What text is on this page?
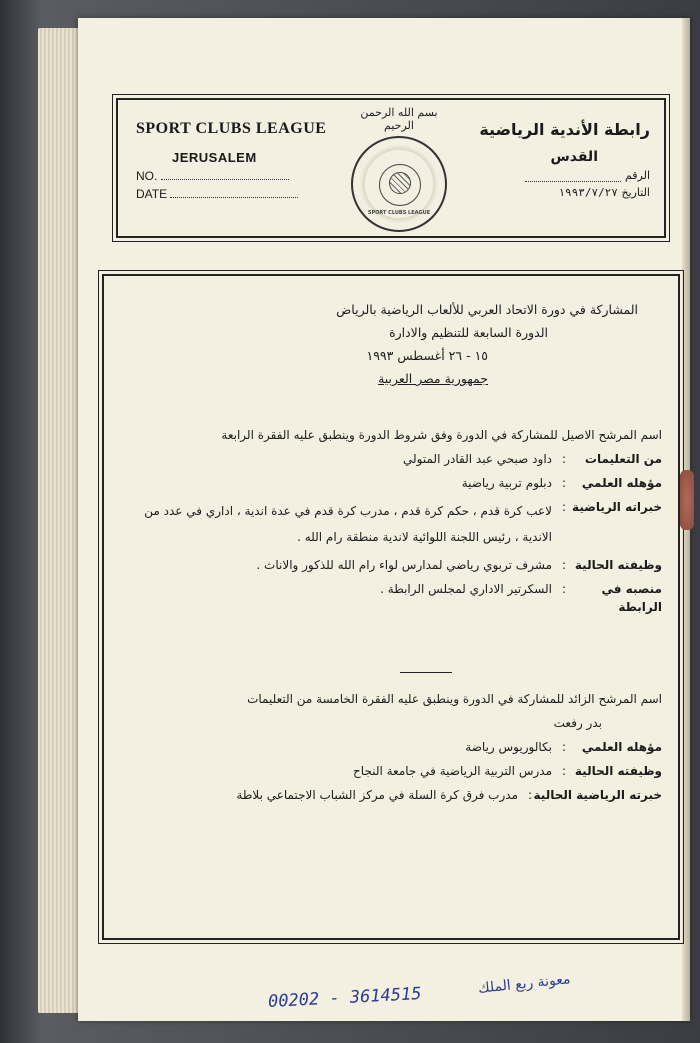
SPORT CLUBS LEAGUE
JERUSALEM
NO.
DATE
بسم الله الرحمن الرحيم
SPORT CLUBS LEAGUE
رابطة الأندية الرياضية
القدس
الرقم
التاريخ ١٩٩٣/٧/٢٧
المشاركة في دورة الاتحاد العربي للألعاب الرياضية بالرياض
الدورة السابعة للتنظيم والادارة
١٥ - ٢٦ أغسطس ١٩٩٣
جمهورية مصر العربية
اسم المرشح الاصيل للمشاركة في الدورة وفق شروط الدورة وينطبق عليه الفقرة الرابعة
من التعليمات
:
داود صبحي عبد القادر المتولي
مؤهله العلمي
:
دبلوم تربية رياضية
خبراته الرياضية
:
لاعب كرة قدم ، حكم كرة قدم ، مدرب كرة قدم في عدة اندية ، اداري في عدد من الاندية ، رئيس اللجنة اللوائية لاندية منطقة رام الله .
وظيفته الحالية
:
مشرف تربوي رياضي لمدارس لواء رام الله للذكور والاناث .
منصبه في الرابطة
:
السكرتير الاداري لمجلس الرابطة .
اسم المرشح الزائد للمشاركة في الدورة وينطبق عليه الفقرة الخامسة من التعليمات
بدر رفعت
مؤهله العلمي
:
بكالوريوس رياضة
وظيفته الحالية
:
مدرس التربية الرياضية في جامعة النجاح
خبرته الرياضية الحالية
:
مدرب فرق كرة السلة في مركز الشباب الاجتماعي بلاطة
00202 - 3614515	معونة ربع الملك
